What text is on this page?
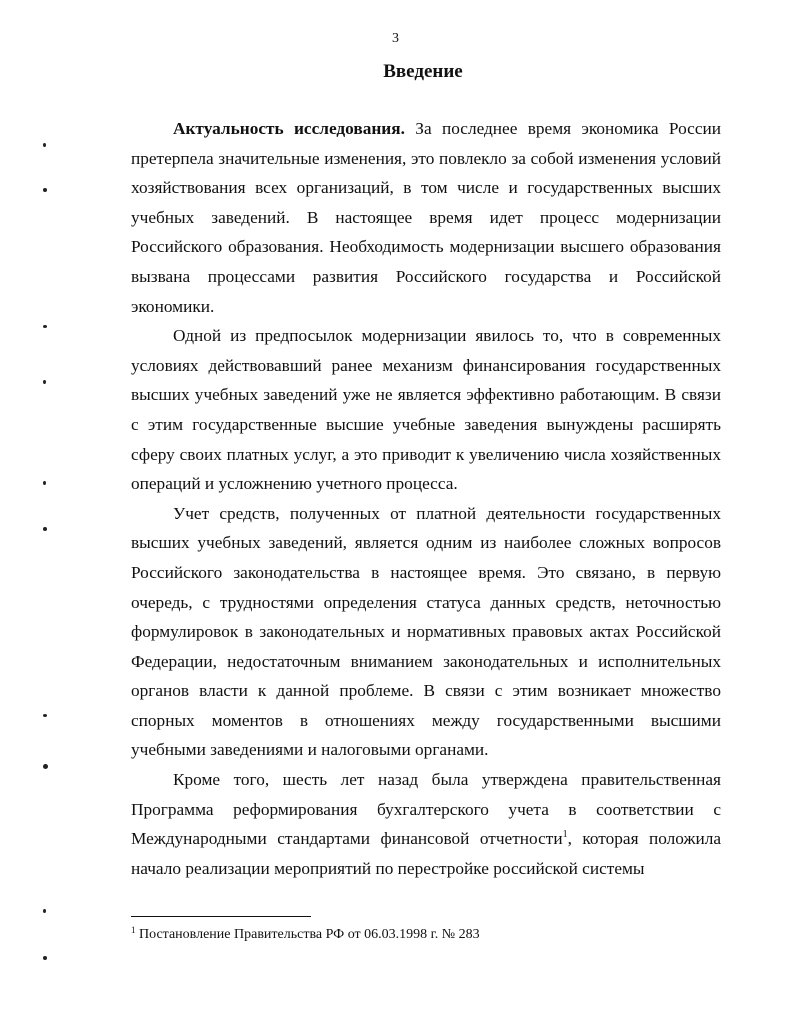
3
Введение

Актуальность исследования. За последнее время экономика России претерпела значительные изменения, это повлекло за собой изменения условий хозяйствования всех организаций, в том числе и государственных высших учебных заведений. В настоящее время идет процесс модернизации Российского образования. Необходимость модернизации высшего образования вызвана процессами развития Российского государства и Российской экономики.

Одной из предпосылок модернизации явилось то, что в современных условиях действовавший ранее механизм финансирования государственных высших учебных заведений уже не является эффективно работающим. В связи с этим государственные высшие учебные заведения вынуждены расширять сферу своих платных услуг, а это приводит к увеличению числа хозяйственных операций и усложнению учетного процесса.

Учет средств, полученных от платной деятельности государственных высших учебных заведений, является одним из наиболее сложных вопросов Российского законодательства в настоящее время. Это связано, в первую очередь, с трудностями определения статуса данных средств, неточностью формулировок в законодательных и нормативных правовых актах Российской Федерации, недостаточным вниманием законодательных и исполнительных органов власти к данной проблеме. В связи с этим возникает множество спорных моментов в отношениях между государственными высшими учебными заведениями и налоговыми органами.

Кроме того, шесть лет назад была утверждена правительственная Программа реформирования бухгалтерского учета в соответствии с Международными стандартами финансовой отчетности$^1$, которая положила начало реализации мероприятий по перестройке российской системы

$^1$ Постановление Правительства РФ от 06.03.1998 г. № 283
